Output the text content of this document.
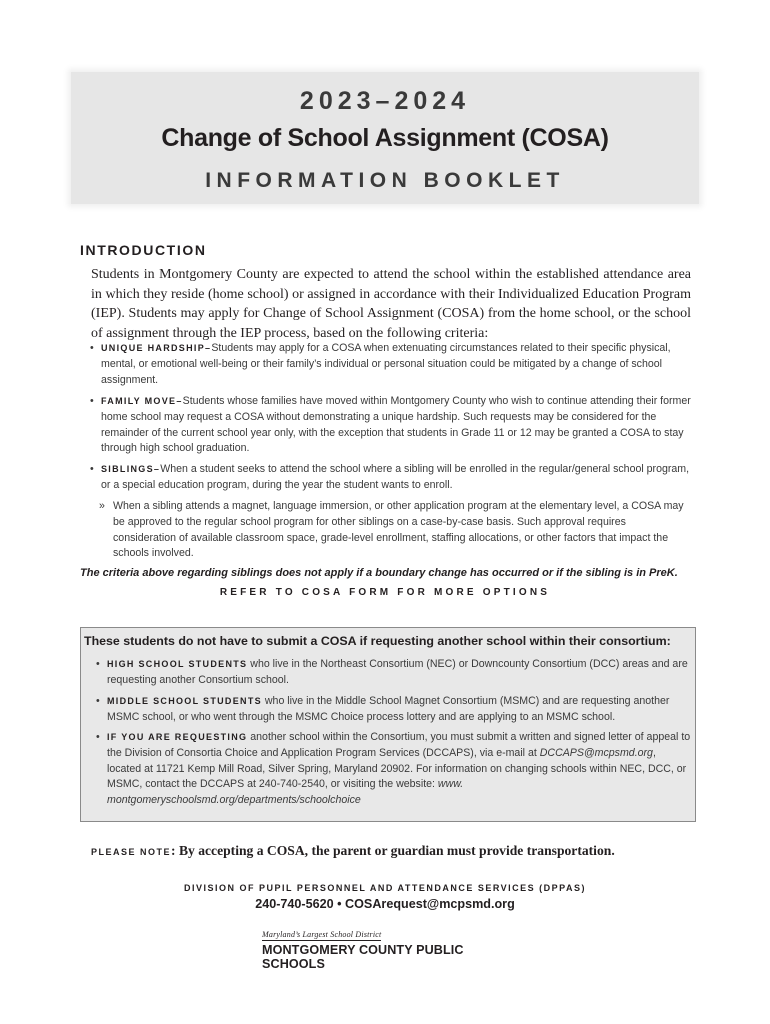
2023–2024
Change of School Assignment (COSA)
INFORMATION BOOKLET
INTRODUCTION
Students in Montgomery County are expected to attend the school within the established attendance area in which they reside (home school) or assigned in accordance with their Individualized Education Program (IEP). Students may apply for Change of School Assignment (COSA) from the home school, or the school of assignment through the IEP process, based on the following criteria:
• UNIQUE HARDSHIP–Students may apply for a COSA when extenuating circumstances related to their specific physical, mental, or emotional well-being or their family’s individual or personal situation could be mitigated by a change of school assignment.
• FAMILY MOVE–Students whose families have moved within Montgomery County who wish to continue attending their former home school may request a COSA without demonstrating a unique hardship. Such requests may be considered for the remainder of the current school year only, with the exception that students in Grade 11 or 12 may be granted a COSA to stay through high school graduation.
• SIBLINGS–When a student seeks to attend the school where a sibling will be enrolled in the regular/general school program, or a special education program, during the year the student wants to enroll.
» When a sibling attends a magnet, language immersion, or other application program at the elementary level, a COSA may be approved to the regular school program for other siblings on a case-by-case basis. Such approval requires consideration of available classroom space, grade-level enrollment, staffing allocations, or other factors that impact the schools involved.
The criteria above regarding siblings does not apply if a boundary change has occurred or if the sibling is in PreK.
REFER TO COSA FORM FOR MORE OPTIONS
These students do not have to submit a COSA if requesting another school within their consortium:
• HIGH SCHOOL STUDENTS who live in the Northeast Consortium (NEC) or Downcounty Consortium (DCC) areas and are requesting another Consortium school.
• MIDDLE SCHOOL STUDENTS who live in the Middle School Magnet Consortium (MSMC) and are requesting another MSMC school, or who went through the MSMC Choice process lottery and are applying to an MSMC school.
• IF YOU ARE REQUESTING another school within the Consortium, you must submit a written and signed letter of appeal to the Division of Consortia Choice and Application Program Services (DCCAPS), via e-mail at DCCAPS@mcpsmd.org, located at 11721 Kemp Mill Road, Silver Spring, Maryland 20902. For information on changing schools within NEC, DCC, or MSMC, contact the DCCAPS at 240-740-2540, or visiting the website: www. montgomeryschoolsmd.org/departments/schoolchoice
PLEASE NOTE: By accepting a COSA, the parent or guardian must provide transportation.
DIVISION OF PUPIL PERSONNEL AND ATTENDANCE SERVICES (DPPAS)
240-740-5620 • COSArequest@mcpsmd.org
Maryland’s Largest School District
MONTGOMERY COUNTY PUBLIC SCHOOLS
